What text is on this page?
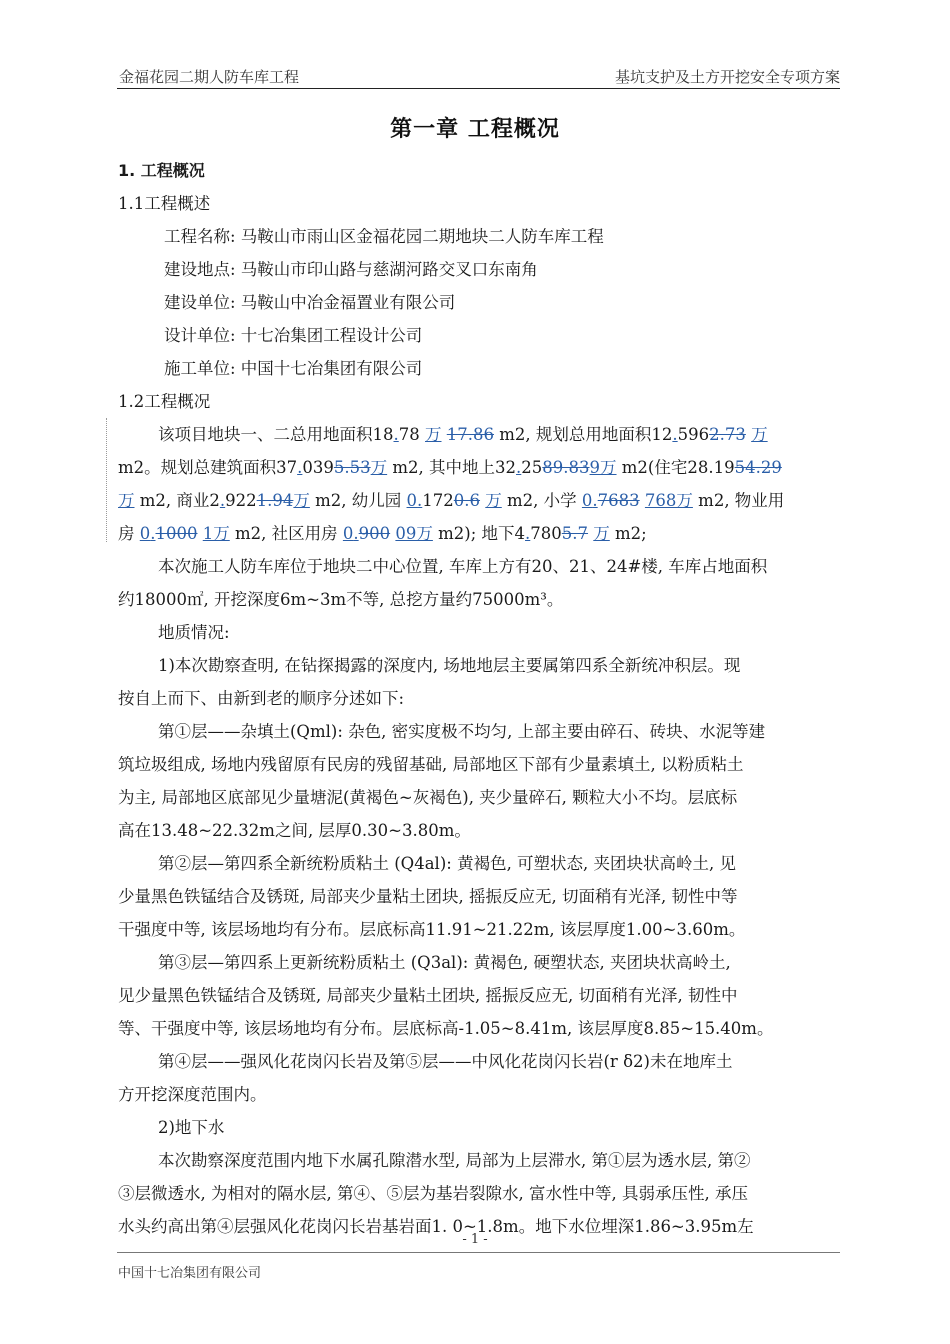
金福花园二期人防车库工程	基坑支护及土方开挖安全专项方案
第一章 工程概况
1. 工程概况
1.1工程概述
工程名称: 马鞍山市雨山区金福花园二期地块二人防车库工程
建设地点: 马鞍山市印山路与慈湖河路交叉口东南角
建设单位: 马鞍山中冶金福置业有限公司
设计单位: 十七冶集团工程设计公司
施工单位: 中国十七冶集团有限公司
1.2工程概况
该项目地块一、二总用地面积18.78 万 17.86 m2, 规划总用地面积12.5962.73 万
m2。规划总建筑面积37.0395.53万 m2, 其中地上32.2589.839万 m2(住宅28.1954.29
万 m2, 商业2.9221.94万 m2, 幼儿园 0.1720.6 万 m2, 小学 0.7683 768万 m2, 物业用
房 0.1000 1万 m2, 社区用房 0.900 09万 m2); 地下4.7805.7 万 m2;
本次施工人防车库位于地块二中心位置, 车库上方有20、21、24#楼, 车库占地面积
约18000㎡, 开挖深度6m~3m不等, 总挖方量约75000m³。
地质情况:
1)本次勘察查明, 在钻探揭露的深度内, 场地地层主要属第四系全新统冲积层。现
按自上而下、由新到老的顺序分述如下:
第①层——杂填土(Qml): 杂色, 密实度极不均匀, 上部主要由碎石、砖块、水泥等建
筑垃圾组成, 场地内残留原有民房的残留基础, 局部地区下部有少量素填土, 以粉质粘土
为主, 局部地区底部见少量塘泥(黄褐色~灰褐色), 夹少量碎石, 颗粒大小不均。层底标
高在13.48~22.32m之间, 层厚0.30~3.80m。
第②层—第四系全新统粉质粘土 (Q4al): 黄褐色, 可塑状态, 夹团块状高岭土, 见
少量黑色铁锰结合及锈斑, 局部夹少量粘土团块, 摇振反应无, 切面稍有光泽, 韧性中等
干强度中等, 该层场地均有分布。层底标高11.91~21.22m, 该层厚度1.00~3.60m。
第③层—第四系上更新统粉质粘土 (Q3al): 黄褐色, 硬塑状态, 夹团块状高岭土,
见少量黑色铁锰结合及锈斑, 局部夹少量粘土团块, 摇振反应无, 切面稍有光泽, 韧性中
等、干强度中等, 该层场地均有分布。层底标高-1.05~8.41m, 该层厚度8.85~15.40m。
第④层——强风化花岗闪长岩及第⑤层——中风化花岗闪长岩(r δ2)未在地库土
方开挖深度范围内。
2)地下水
本次勘察深度范围内地下水属孔隙潜水型, 局部为上层滞水, 第①层为透水层, 第②
③层微透水, 为相对的隔水层, 第④、⑤层为基岩裂隙水, 富水性中等, 具弱承压性, 承压
水头约高出第④层强风化花岗闪长岩基岩面1. 0~1.8m。地下水位埋深1.86~3.95m左
- 1 -
中国十七冶集团有限公司
